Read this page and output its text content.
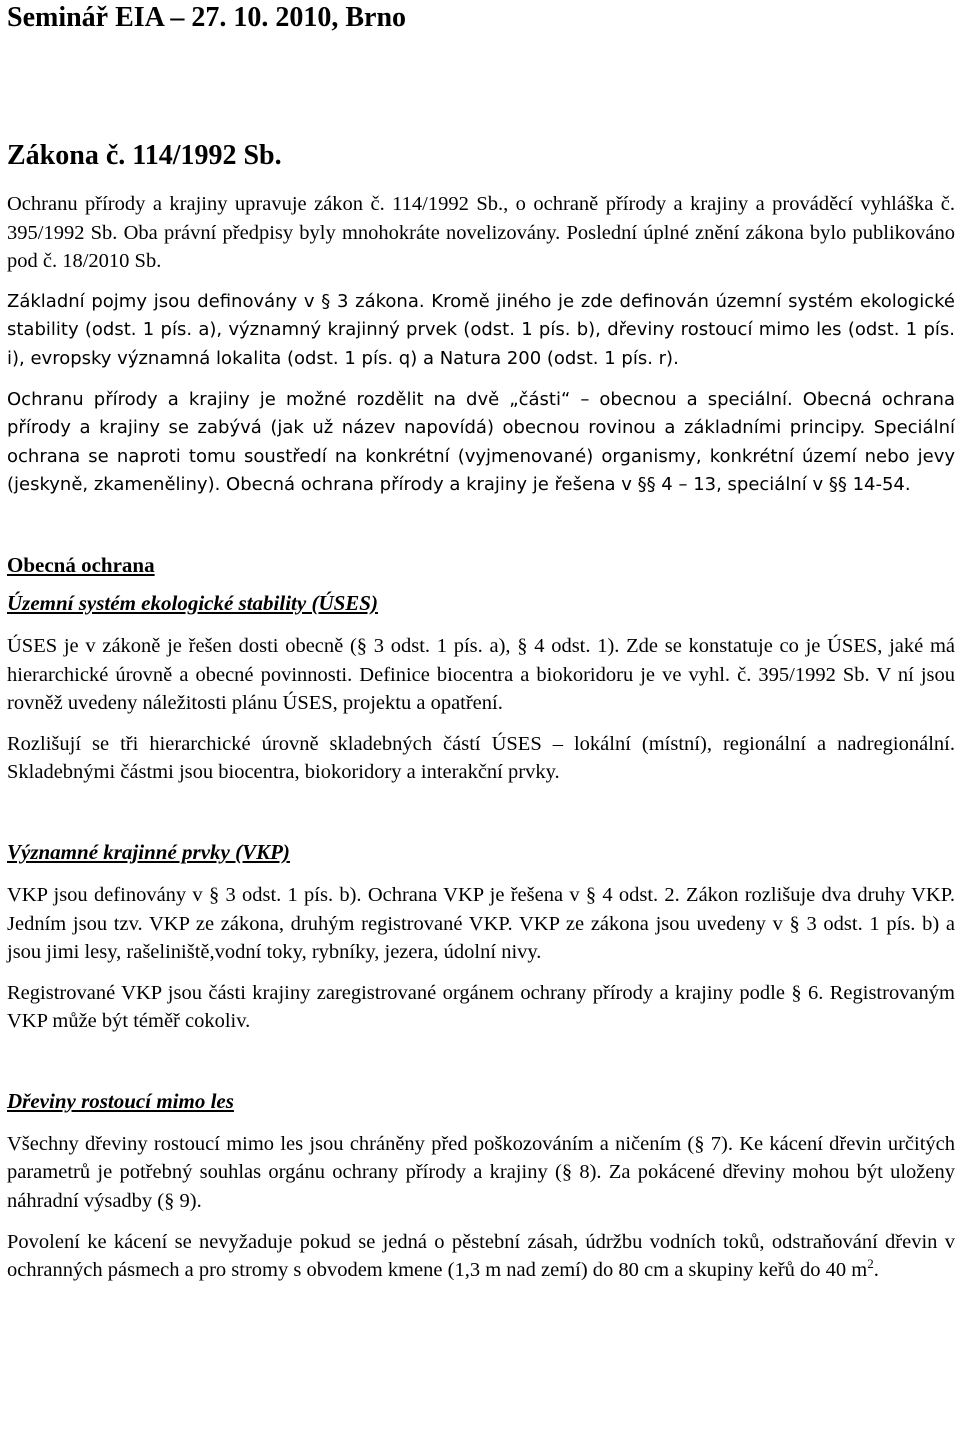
Seminář EIA – 27. 10. 2010, Brno
Zákona č. 114/1992 Sb.

Ochranu přírody a krajiny upravuje zákon č. 114/1992 Sb., o ochraně přírody a krajiny a prováděcí vyhláška č. 395/1992 Sb. Oba právní předpisy byly mnohokráte novelizovány. Poslední úplné znění zákona bylo publikováno pod č. 18/2010 Sb.

Základní pojmy jsou definovány v § 3 zákona. Kromě jiného je zde definován územní systém ekologické stability (odst. 1 pís. a), významný krajinný prvek (odst. 1 pís. b), dřeviny rostoucí mimo les (odst. 1 pís. i), evropsky významná lokalita (odst. 1 pís. q) a Natura 200 (odst. 1 pís. r).

Ochranu přírody a krajiny je možné rozdělit na dvě „části“ – obecnou a speciální. Obecná ochrana přírody a krajiny se zabývá (jak už název napovídá) obecnou rovinou a základními principy. Speciální ochrana se naproti tomu soustředí na konkrétní (vyjmenované) organismy, konkrétní území nebo jevy (jeskyně, zkameněliny). Obecná ochrana přírody a krajiny je řešena v §§ 4 – 13, speciální v §§ 14-54.

Obecná ochrana
Územní systém ekologické stability (ÚSES)

ÚSES je v zákoně je řešen dosti obecně (§ 3 odst. 1 pís. a), § 4 odst. 1). Zde se konstatuje co je ÚSES, jaké má hierarchické úrovně a obecné povinnosti. Definice biocentra a biokoridoru je ve vyhl. č. 395/1992 Sb. V ní jsou rovněž uvedeny náležitosti plánu ÚSES, projektu a opatření.

Rozlišují se tři hierarchické úrovně skladebných částí ÚSES – lokální (místní), regionální a nadregionální. Skladebnými částmi jsou biocentra, biokoridory a interakční prvky.

Významné krajinné prvky (VKP)

VKP jsou definovány v § 3 odst. 1 pís. b). Ochrana VKP je řešena v § 4 odst. 2. Zákon rozlišuje dva druhy VKP. Jedním jsou tzv. VKP ze zákona, druhým registrované VKP. VKP ze zákona jsou uvedeny v § 3 odst. 1 pís. b) a jsou jimi lesy, rašeliniště,vodní toky, rybníky, jezera, údolní nivy.

Registrované VKP jsou části krajiny zaregistrované orgánem ochrany přírody a krajiny podle § 6. Registrovaným VKP může být téměř cokoliv.

Dřeviny rostoucí mimo les

Všechny dřeviny rostoucí mimo les jsou chráněny před poškozováním a ničením (§ 7). Ke kácení dřevin určitých parametrů je potřebný souhlas orgánu ochrany přírody a krajiny (§ 8). Za pokácené dřeviny mohou být uloženy náhradní výsadby (§ 9).

Povolení ke kácení se nevyžaduje pokud se jedná o pěstební zásah, údržbu vodních toků, odstraňování dřevin v ochranných pásmech a pro stromy s obvodem kmene (1,3 m nad zemí) do 80 cm a skupiny keřů do 40 $m^2$.
